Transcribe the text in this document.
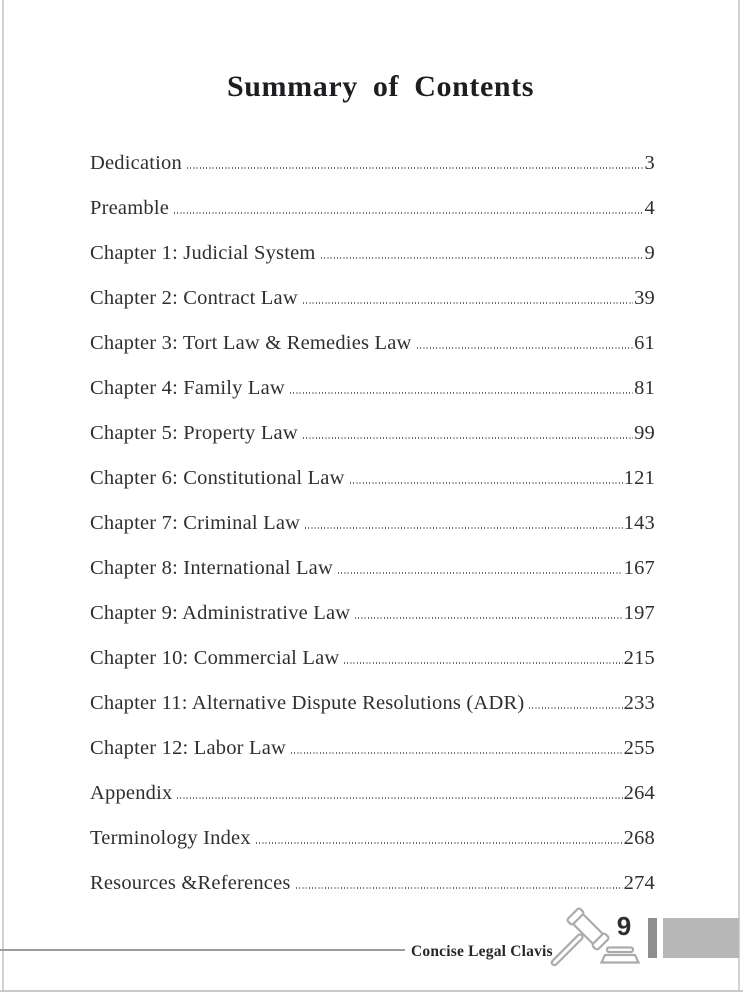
Summary of Contents
Dedication	3
Preamble	4
Chapter 1: Judicial System	9
Chapter 2: Contract Law	39
Chapter 3: Tort Law & Remedies Law	61
Chapter 4: Family Law	81
Chapter 5: Property Law	99
Chapter 6: Constitutional Law	121
Chapter 7: Criminal Law	143
Chapter 8: International Law	167
Chapter 9: Administrative Law	197
Chapter 10: Commercial Law	215
Chapter 11: Alternative Dispute Resolutions (ADR)	233
Chapter 12: Labor Law	255
Appendix	264
Terminology Index	268
Resources &References	274
Concise Legal Clavis
9
